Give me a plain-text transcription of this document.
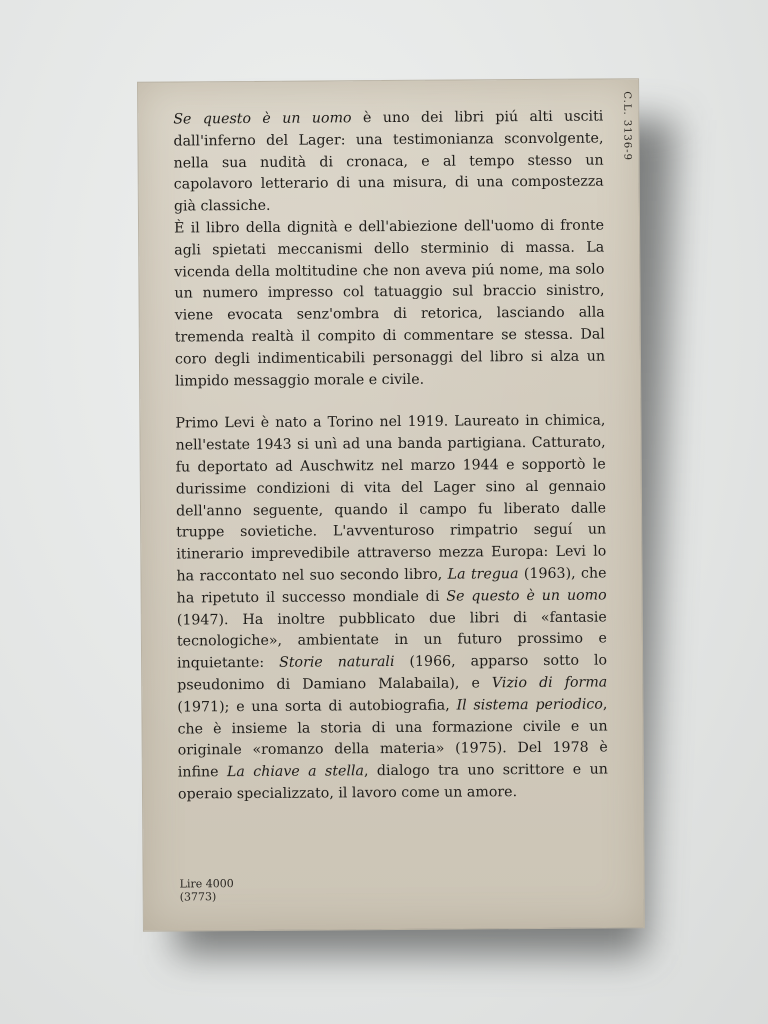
C.L. 3136-9

Se questo è un uomo è uno dei libri piú alti usciti dall'inferno del Lager: una testimonianza sconvolgente, nella sua nudità di cronaca, e al tempo stesso un capolavoro letterario di una misura, di una compostezza già classiche.

È il libro della dignità e dell'abiezione dell'uomo di fronte agli spietati meccanismi dello sterminio di massa. La vicenda della moltitudine che non aveva piú nome, ma solo un numero impresso col tatuaggio sul braccio sinistro, viene evocata senz'ombra di retorica, lasciando alla tremenda realtà il compito di commentare se stessa. Dal coro degli indimenticabili personaggi del libro si alza un limpido messaggio morale e civile.

Primo Levi è nato a Torino nel 1919. Laureato in chimica, nell'estate 1943 si unì ad una banda partigiana. Catturato, fu deportato ad Auschwitz nel marzo 1944 e sopportò le durissime condizioni di vita del Lager sino al gennaio dell'anno seguente, quando il campo fu liberato dalle truppe sovietiche. L'avventuroso rimpatrio seguí un itinerario imprevedibile attraverso mezza Europa: Levi lo ha raccontato nel suo secondo libro, La tregua (1963), che ha ripetuto il successo mondiale di Se questo è un uomo (1947). Ha inoltre pubblicato due libri di «fantasie tecnologiche», ambientate in un futuro prossimo e inquietante: Storie naturali (1966, apparso sotto lo pseudonimo di Damiano Malabaila), e Vizio di forma (1971); e una sorta di autobiografia, Il sistema periodico, che è insieme la storia di una formazione civile e un originale «romanzo della materia» (1975). Del 1978 è infine La chiave a stella, dialogo tra uno scrittore e un operaio specializzato, il lavoro come un amore.

Lire 4000
(3773)
